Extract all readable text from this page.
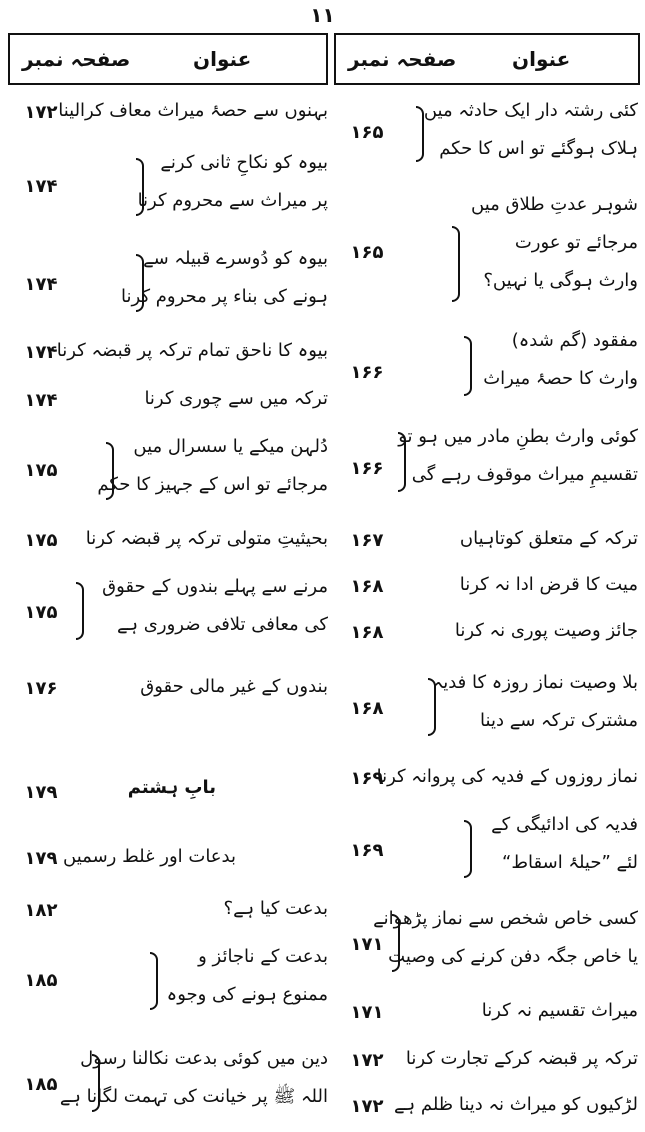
۱۱
صفحہ نمبر	عنوان	صفحہ نمبر	عنوان
بہنوں سے حصۂ میراث معاف کرالینا
۱۷۲
بیوہ کو نکاحِ ثانی کرنے
پر میراث سے محروم کرنا
۱۷۴
بیوہ کو دُوسرے قبیلہ سے
ہونے کی بناء پر محروم کرنا
۱۷۴
بیوہ کا ناحق تمام ترکہ پر قبضہ کرنا
۱۷۴
ترکہ میں سے چوری کرنا
۱۷۴
دُلہن میکے یا سسرال میں
مرجائے تو اس کے جہیز کا حکم
۱۷۵
بحیثیتِ متولی ترکہ پر قبضہ کرنا
۱۷۵
مرنے سے پہلے بندوں کے حقوق
کی معافی تلافی ضروری ہے
۱۷۵
بندوں کے غیر مالی حقوق
۱۷۶
بابِ ہشتم
۱۷۹
بدعات اور غلط رسمیں
۱۷۹
بدعت کیا ہے؟
۱۸۲
بدعت کے ناجائز و
ممنوع ہونے کی وجوہ
۱۸۵
دین میں کوئی بدعت نکالنا رسول
اللہ ﷺ پر خیانت کی تہمت لگانا ہے
۱۸۵
کئی رشتہ دار ایک حادثہ میں
ہلاک ہوگئے تو اس کا حکم
۱۶۵
شوہر عدتِ طلاق میں
مرجائے تو عورت
وارث ہوگی یا نہیں؟
۱۶۵
مفقود (گم شدہ)
وارث کا حصۂ میراث
۱۶۶
کوئی وارث بطنِ مادر میں ہو تو
تقسیمِ میراث موقوف رہے گی
۱۶۶
ترکہ کے متعلق کوتاہیاں
۱۶۷
میت کا قرض ادا نہ کرنا
۱۶۸
جائز وصیت پوری نہ کرنا
۱۶۸
بلا وصیت نماز روزہ کا فدیہ
مشترک ترکہ سے دینا
۱۶۸
نماز روزوں کے فدیہ کی پروانہ کرنا
۱۶۹
فدیہ کی ادائیگی کے
لئے ”حیلۂ اسقاط“
۱۶۹
کسی خاص شخص سے نماز پڑھوانے
یا خاص جگہ دفن کرنے کی وصیت
۱۷۱
میراث تقسیم نہ کرنا
۱۷۱
ترکہ پر قبضہ کرکے تجارت کرنا
۱۷۲
لڑکیوں کو میراث نہ دینا ظلم ہے
۱۷۲
